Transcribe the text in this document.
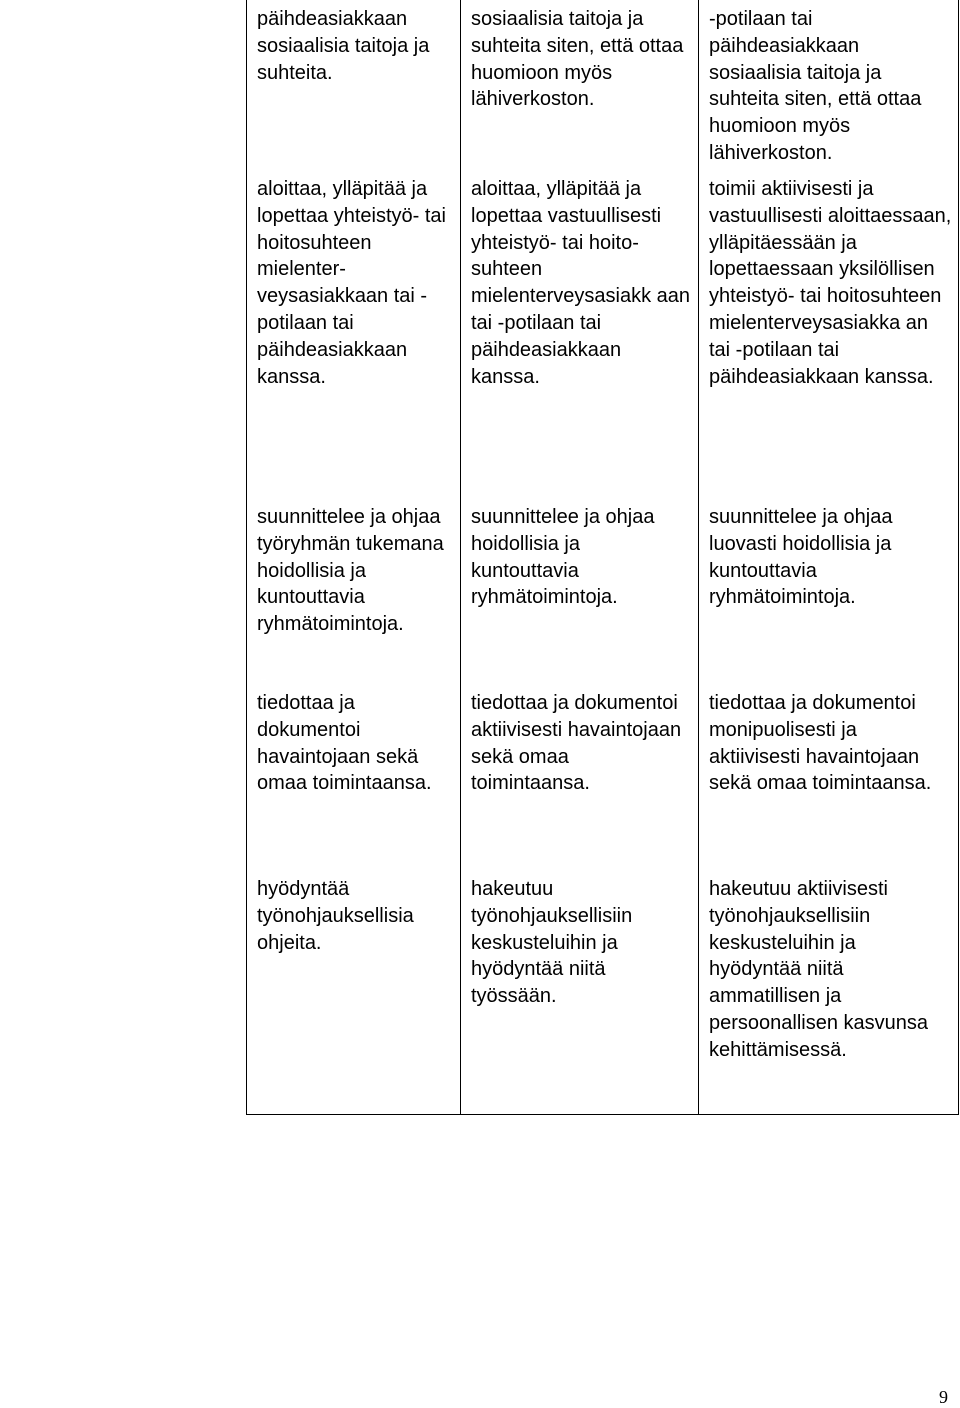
päihdeasiakkaan sosiaalisia taitoja ja suhteita.	sosiaalisia taitoja ja suhteita siten, että ottaa huomioon myös lähiverkoston.	-potilaan tai päihdeasiakkaan sosiaalisia taitoja ja suhteita siten, että ottaa huomioon myös lähiverkoston.
aloittaa, ylläpitää ja lopettaa yhteistyö- tai hoitosuhteen mielenter- veysasiakkaan tai -potilaan tai päihdeasiakkaan kanssa.	aloittaa, ylläpitää ja lopettaa vastuullisesti yhteistyö- tai hoito- suhteen mielenterveysasiakk aan tai -potilaan tai päihdeasiakkaan kanssa.	toimii aktiivisesti ja vastuullisesti aloittaessaan, ylläpitäessään ja lopettaessaan yksilöllisen yhteistyö- tai hoitosuhteen mielenterveysasiakka an tai -potilaan tai päihdeasiakkaan kanssa.
suunnittelee ja ohjaa työryhmän tukemana hoidollisia ja kuntouttavia ryhmätoimintoja.	suunnittelee ja ohjaa hoidollisia ja kuntouttavia ryhmätoimintoja.	suunnittelee ja ohjaa luovasti hoidollisia ja kuntouttavia ryhmätoimintoja.
tiedottaa ja dokumentoi havaintojaan sekä omaa toimintaansa.	tiedottaa ja dokumentoi aktiivisesti havaintojaan sekä omaa toimintaansa.	tiedottaa ja dokumentoi monipuolisesti ja aktiivisesti havaintojaan sekä omaa toimintaansa.
hyödyntää työnohjauksellisia ohjeita.	hakeutuu työnohjauksellisiin keskusteluihin ja hyödyntää niitä työssään.	hakeutuu aktiivisesti työnohjauksellisiin keskusteluihin ja hyödyntää niitä ammatillisen ja persoonallisen kasvunsa kehittämisessä.
9
